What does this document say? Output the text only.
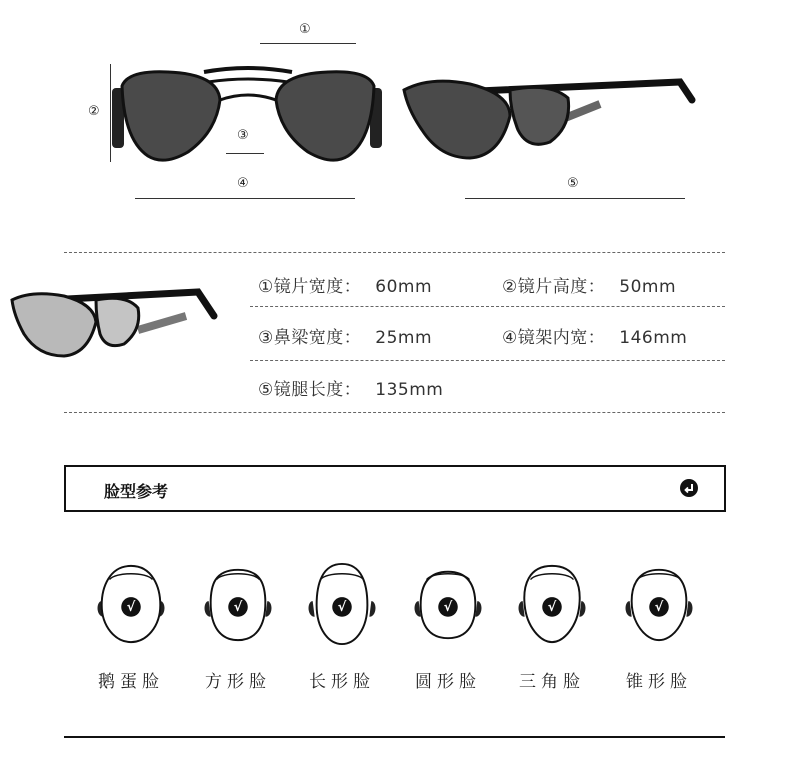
①
②
③
④	⑤
①镜片宽度： 60mm	②镜片高度： 50mm
③鼻梁宽度： 25mm	④镜架内宽： 146mm
⑤镜腿长度： 135mm
脸型参考
√
鹅蛋脸
√
方形脸
√
长形脸
√
圆形脸
√
三角脸
√
锥形脸
